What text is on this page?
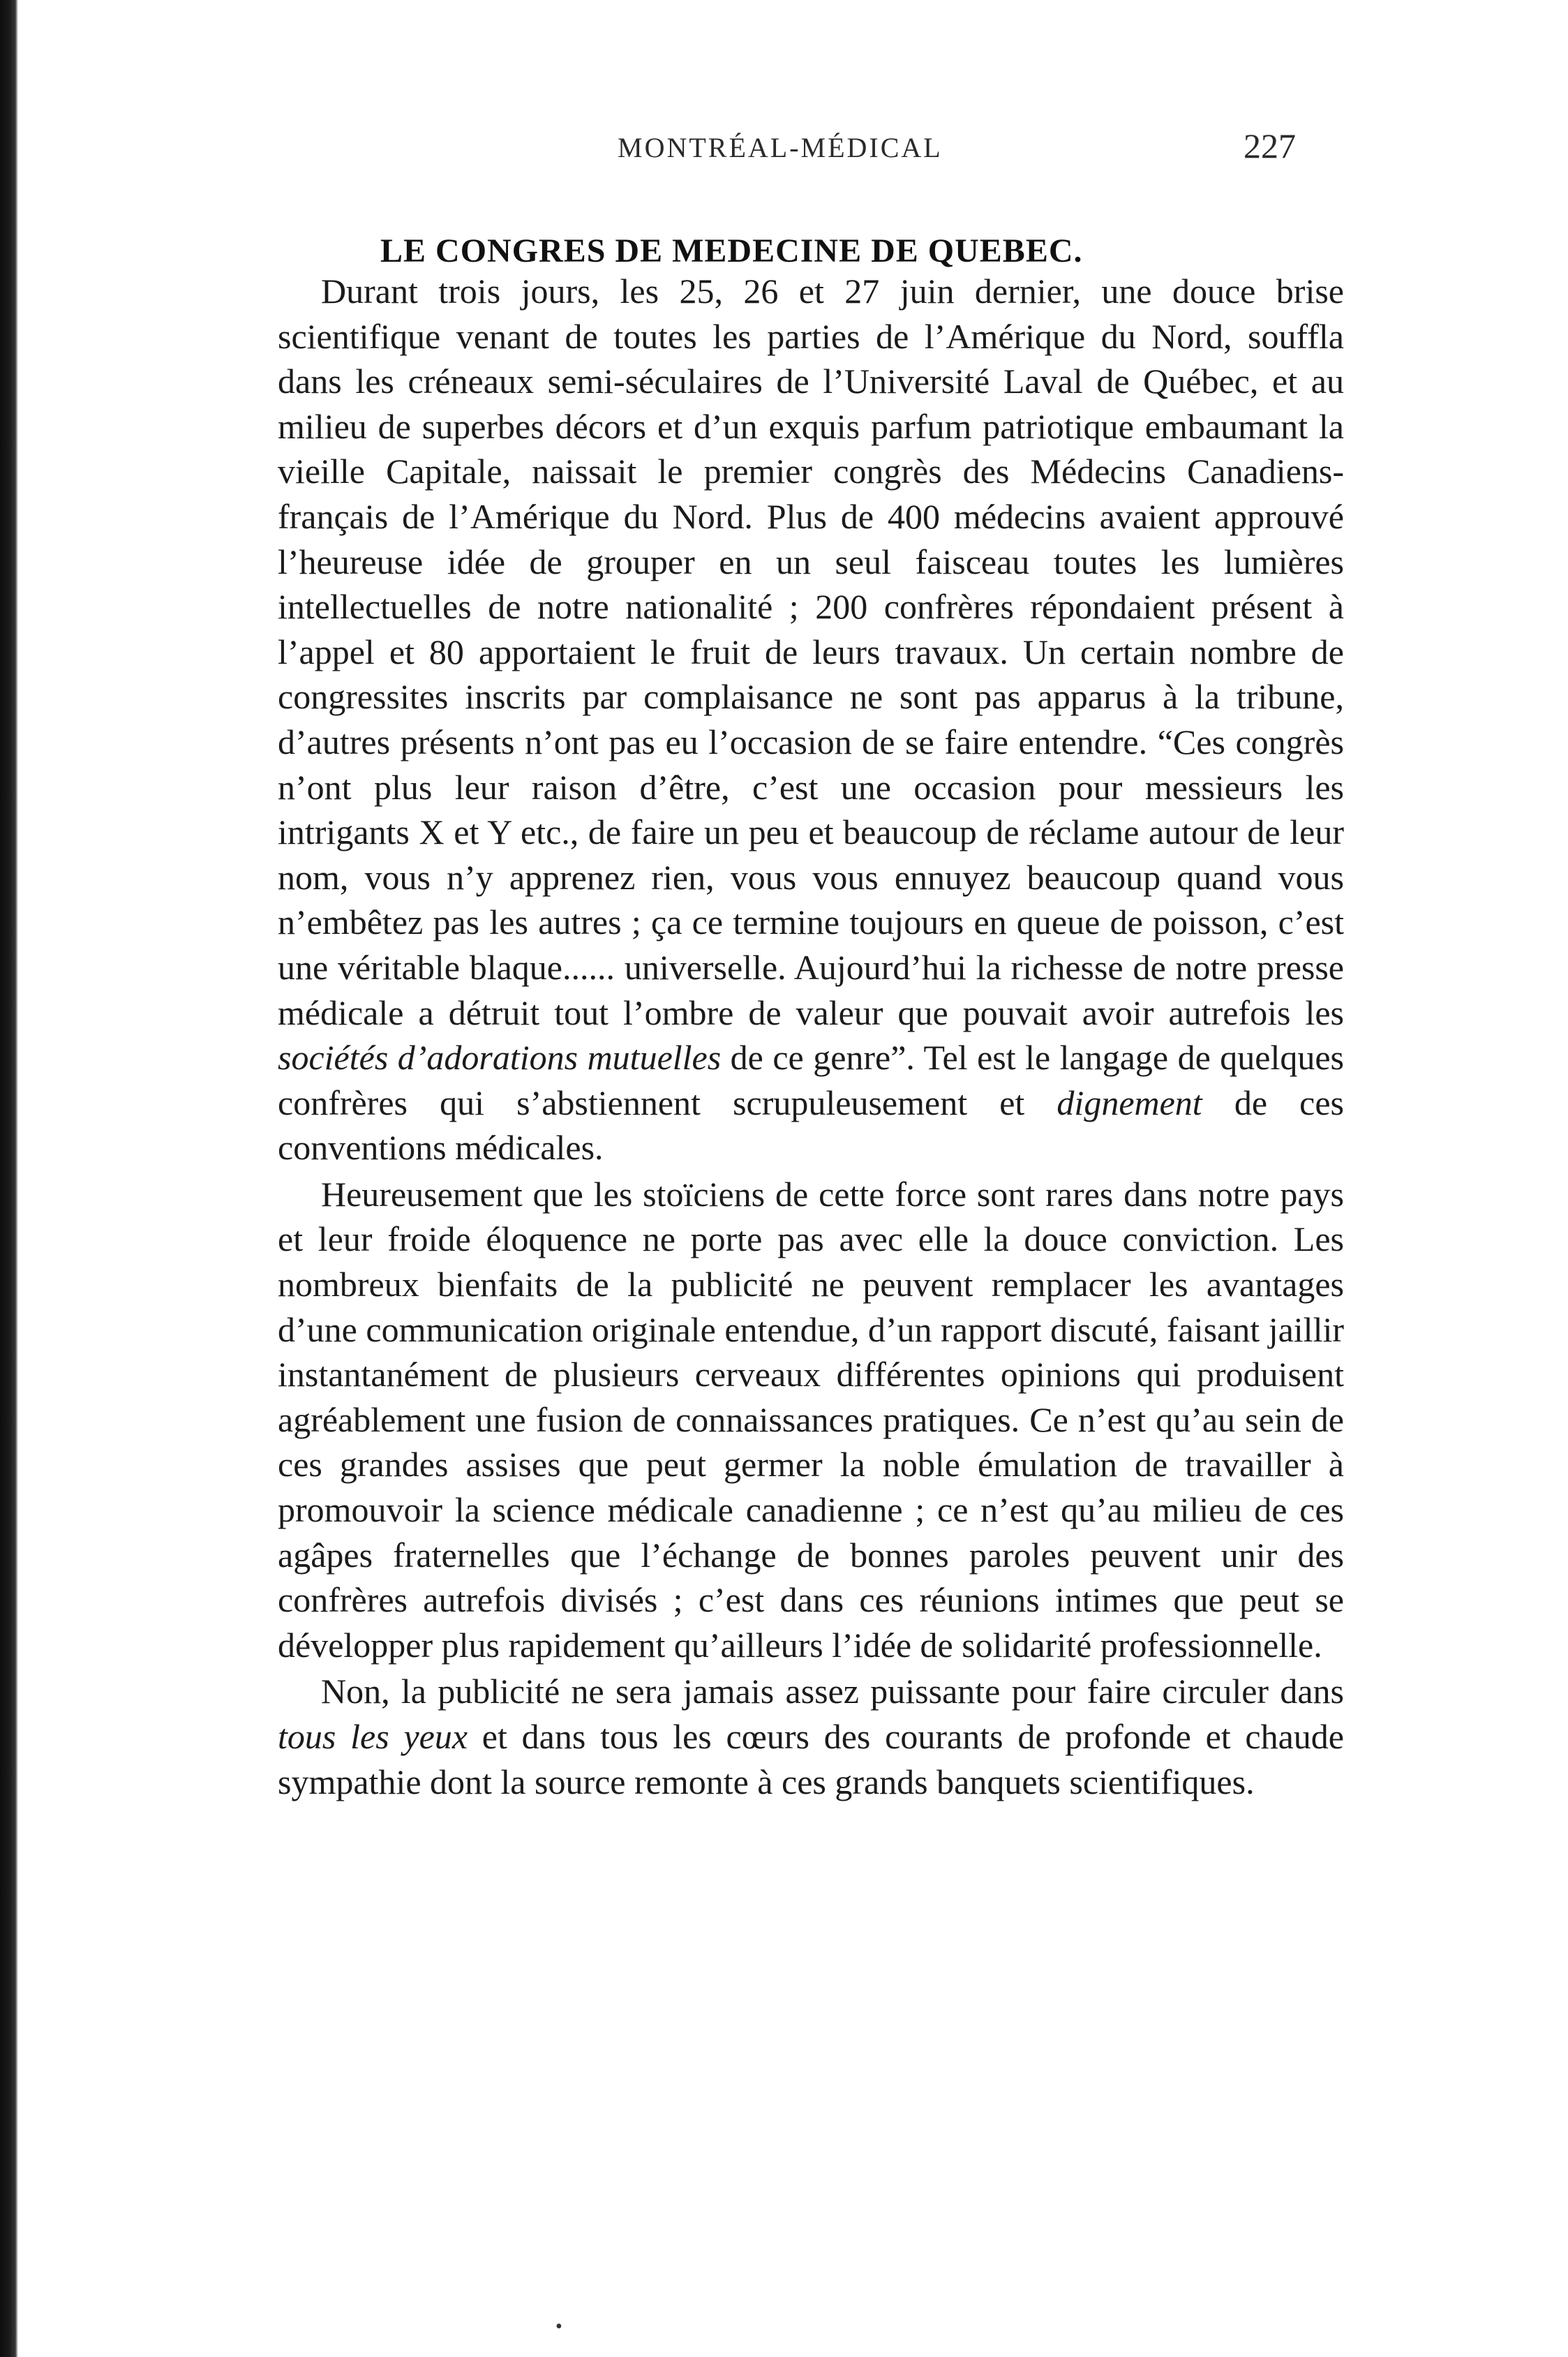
MONTRÉAL-MÉDICAL	227
LE CONGRES DE MEDECINE DE QUEBEC.

Durant trois jours, les 25, 26 et 27 juin dernier, une douce brise scientifique venant de toutes les parties de l’Amérique du Nord, souffla dans les créneaux semi-séculaires de l’Université Laval de Québec, et au milieu de superbes décors et d’un exquis parfum patriotique embaumant la vieille Capitale, naissait le premier congrès des Médecins Canadiens-français de l’Amérique du Nord. Plus de 400 médecins avaient approuvé l’heureuse idée de grouper en un seul faisceau toutes les lumières intellectuelles de notre nationalité ; 200 confrères répondaient présent à l’appel et 80 apportaient le fruit de leurs travaux. Un certain nombre de congressites inscrits par complaisance ne sont pas apparus à la tribune, d’autres présents n’ont pas eu l’occasion de se faire entendre. “Ces congrès n’ont plus leur raison d’être, c’est une occasion pour messieurs les intrigants X et Y etc., de faire un peu et beaucoup de réclame autour de leur nom, vous n’y apprenez rien, vous vous ennuyez beaucoup quand vous n’embêtez pas les autres ; ça ce termine toujours en queue de poisson, c’est une véritable blaque...... universelle. Aujourd’hui la richesse de notre presse médicale a détruit tout l’ombre de valeur que pouvait avoir autrefois les sociétés d’adorations mutuelles de ce genre”. Tel est le langage de quelques confrères qui s’abstiennent scrupuleusement et dignement de ces conventions médicales.

Heureusement que les stoïciens de cette force sont rares dans notre pays et leur froide éloquence ne porte pas avec elle la douce conviction. Les nombreux bienfaits de la publicité ne peuvent remplacer les avantages d’une communication originale entendue, d’un rapport discuté, faisant jaillir instantanément de plusieurs cerveaux différentes opinions qui produisent agréablement une fusion de connaissances pratiques. Ce n’est qu’au sein de ces grandes assises que peut germer la noble émulation de travailler à promouvoir la science médicale canadienne ; ce n’est qu’au milieu de ces agâpes fraternelles que l’échange de bonnes paroles peuvent unir des confrères autrefois divisés ; c’est dans ces réunions intimes que peut se développer plus rapidement qu’ailleurs l’idée de solidarité professionnelle.

Non, la publicité ne sera jamais assez puissante pour faire circuler dans tous les yeux et dans tous les cœurs des courants de profonde et chaude sympathie dont la source remonte à ces grands banquets scientifiques.

•
